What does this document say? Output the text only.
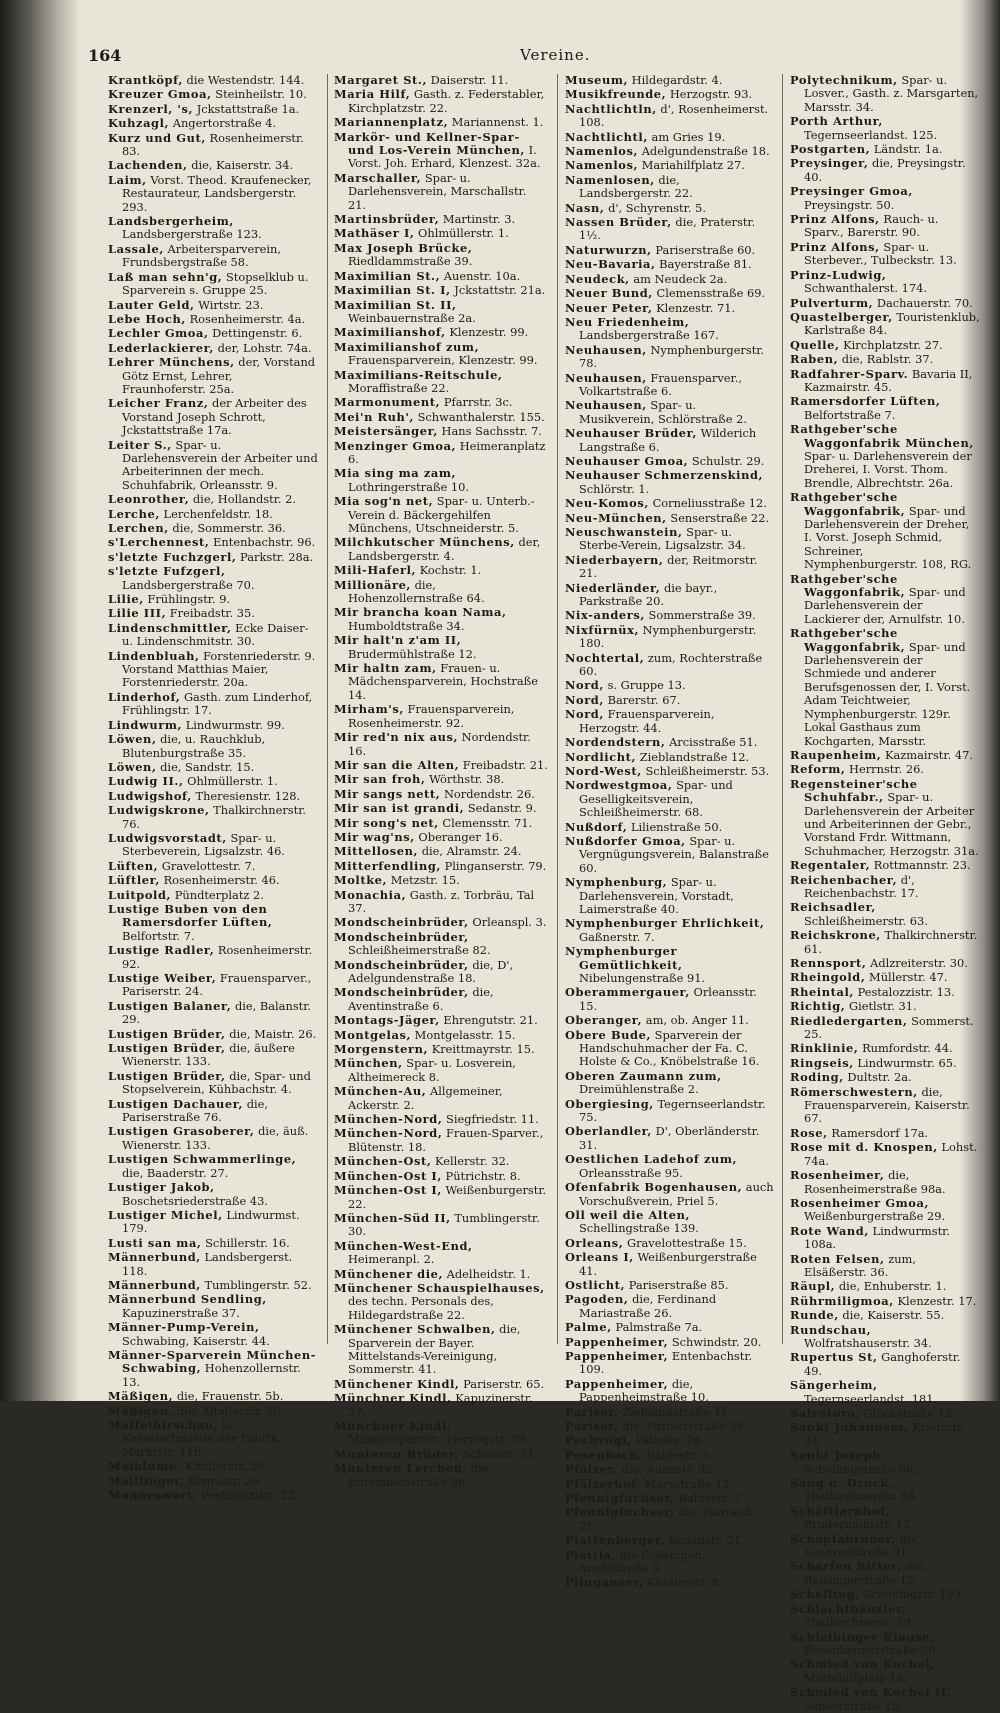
164	Vereine.
Krantköpf, die Westendstr. 144.
Kreuzer Gmoa, Steinheilstr. 10.
Krenzerl, 's, Jckstattstraße 1a.
Kuhzagl, Angertorstraße 4.
Kurz und Gut, Rosenheimerstr. 83.
Lachenden, die, Kaiserstr. 34.
Laim, Vorst. Theod. Kraufenecker, Restaurateur, Landsbergerstr. 293.
Landsbergerheim, Landsbergerstraße 123.
Lassale, Arbeitersparverein, Frundsbergstraße 58.
Laß man sehn'g, Stopselklub u. Sparverein s. Gruppe 25.
Lauter Geld, Wirtstr. 23.
Lebe Hoch, Rosenheimerstr. 4a.
Lechler Gmoa, Dettingenstr. 6.
Lederlackierer, der, Lohstr. 74a.
Lehrer Münchens, der, Vorstand Götz Ernst, Lehrer, Fraunhoferstr. 25a.
Leicher Franz, der Arbeiter des Vorstand Joseph Schrott, Jckstattstraße 17a.
Leiter S., Spar- u. Darlehensverein der Arbeiter und Arbeiterinnen der mech. Schuhfabrik, Orleansstr. 9.
Leonrother, die, Hollandstr. 2.
Lerche, Lerchenfeldstr. 18.
Lerchen, die, Sommerstr. 36.
s'Lerchennest, Entenbachstr. 96.
s'letzte Fuchzgerl, Parkstr. 28a.
s'letzte Fufzgerl, Landsbergerstraße 70.
Lilie, Frühlingstr. 9.
Lilie III, Freibadstr. 35.
Lindenschmittler, Ecke Daiser- u. Lindenschmitstr. 30.
Lindenbluah, Forstenriederstr. 9. Vorstand Matthias Maier, Forstenriederstr. 20a.
Linderhof, Gasth. zum Linderhof, Frühlingstr. 17.
Lindwurm, Lindwurmstr. 99.
Löwen, die, u. Rauchklub, Blutenburgstraße 35.
Löwen, die, Sandstr. 15.
Ludwig II., Ohlmüllerstr. 1.
Ludwigshof, Theresienstr. 128.
Ludwigskrone, Thalkirchnerstr. 76.
Ludwigsvorstadt, Spar- u. Sterbeverein, Ligsalzstr. 46.
Lüften, Gravelottestr. 7.
Lüftler, Rosenheimerstr. 46.
Luitpold, Pündterplatz 2.
Lustige Buben von den Ramersdorfer Lüften, Belfortstr. 7.
Lustige Radler, Rosenheimerstr. 92.
Lustige Weiber, Frauensparver., Pariserstr. 24.
Lustigen Balaner, die, Balanstr. 29.
Lustigen Brüder, die, Maistr. 26.
Lustigen Brüder, die, äußere Wienerstr. 133.
Lustigen Brüder, die, Spar- und Stopselverein, Kühbachstr. 4.
Lustigen Dachauer, die, Pariserstraße 76.
Lustigen Grasoberer, die, äuß. Wienerstr. 133.
Lustigen Schwammerlinge, die, Baaderstr. 27.
Lustiger Jakob, Boschetsriederstraße 43.
Lustiger Michel, Lindwurmst. 179.
Lusti san ma, Schillerstr. 16.
Männerbund, Landsbergerst. 118.
Männerbund, Tumblingerstr. 52.
Männerbund Sendling, Kapuzinerstraße 37.
Männer-Pump-Verein, Schwabing, Kaiserstr. 44.
Männer-Sparverein München-Schwabing, Hohenzollernstr. 13.
Mäßigen, die, Frauenstr. 5b.
Mäßigen, die, Altallerstr. 30.
Maffeihirschau, b. Kesselschmiede der Fabrik, Marktstr. 11b.
Maiblume, Khidlerstr. 26.
Maillinger, Elvirastr. 29.
Manneswort, Pestalozzistr. 22.
Margaret St., Daiserstr. 11.
Maria Hilf, Gasth. z. Federstabler, Kirchplatzstr. 22.
Mariannenplatz, Mariannenst. 1.
Markör- und Kellner-Spar- und Los-Verein München, I. Vorst. Joh. Erhard, Klenzest. 32a.
Marschaller, Spar- u. Darlehensverein, Marschallstr. 21.
Martinsbrüder, Martinstr. 3.
Mathäser I, Ohlmüllerstr. 1.
Max Joseph Brücke, Riedldammstraße 39.
Maximilian St., Auenstr. 10a.
Maximilian St. I, Jckstattstr. 21a.
Maximilian St. II, Weinbauernstraße 2a.
Maximilianshof, Klenzestr. 99.
Maximilianshof zum, Frauensparverein, Klenzestr. 99.
Maximilians-Reitschule, Moraffistraße 22.
Marmonument, Pfarrstr. 3c.
Mei'n Ruh', Schwanthalerstr. 155.
Meistersänger, Hans Sachsstr. 7.
Menzinger Gmoa, Heimeranplatz 6.
Mia sing ma zam, Lothringerstraße 10.
Mia sog'n net, Spar- u. Unterb.-Verein d. Bäckergehilfen Münchens, Utschneiderstr. 5.
Milchkutscher Münchens, der, Landsbergerstr. 4.
Mili-Haferl, Kochstr. 1.
Millionäre, die, Hohenzollernstraße 64.
Mir brancha koan Nama, Humboldtstraße 34.
Mir halt'n z'am II, Brudermühlstraße 12.
Mir haltn zam, Frauen- u. Mädchensparverein, Hochstraße 14.
Mirham's, Frauensparverein, Rosenheimerstr. 92.
Mir red'n nix aus, Nordendstr. 16.
Mir san die Alten, Freibadstr. 21.
Mir san froh, Wörthstr. 38.
Mir sangs nett, Nordendstr. 26.
Mir san ist grandi, Sedanstr. 9.
Mir song's net, Clemensstr. 71.
Mir wag'ns, Oberanger 16.
Mittellosen, die, Alramstr. 24.
Mitterfendling, Plinganserstr. 79.
Moltke, Metzstr. 15.
Monachia, Gasth. z. Torbräu, Tal 37.
Mondscheinbrüder, Orleanspl. 3.
Mondscheinbrüder, Schleißheimerstraße 82.
Mondscheinbrüder, die, D', Adelgundenstraße 18.
Mondscheinbrüder, die, Aventinstraße 6.
Montags-Jäger, Ehrengutstr. 21.
Montgelas, Montgelasstr. 15.
Morgenstern, Kreittmayrstr. 15.
München, Spar- u. Losverein, Altheimereck 8.
München-Au, Allgemeiner, Ackerstr. 2.
München-Nord, Siegfriedstr. 11.
München-Nord, Frauen-Sparver., Blütenstr. 18.
München-Ost, Kellerstr. 32.
München-Ost I, Pütrichstr. 8.
München-Ost I, Weißenburgerstr. 22.
München-Süd II, Tumblingerstr. 30.
München-West-End, Heimeranpl. 2.
Münchener die, Adelheidstr. 1.
Münchener Schauspielhauses, des techn. Personals des, Hildegardstraße 22.
Münchener Schwalben, die, Sparverein der Bayer. Mittelstands-Vereinigung, Sommerstr. 41.
Münchener Kindl, Pariserstr. 65.
Münchner Kindl, Kapuzinerstr. 37.
Münchner Kindl, Männersparver., Herzogstr. 39.
Munteren Brüder, Schönstr. 21.
Munteren Lerchen, die, Entenbachstraße 96.
Museum, Hildegardstr. 4.
Musikfreunde, Herzogstr. 93.
Nachtlichtln, d', Rosenheimerst. 108.
Nachtlichtl, am Gries 19.
Namenlos, Adelgundenstraße 18.
Namenlos, Mariahilfplatz 27.
Namenlosen, die, Landsbergerstr. 22.
Nasn, d', Schyrenstr. 5.
Nassen Brüder, die, Praterstr. 1½.
Naturwurzn, Pariserstraße 60.
Neu-Bavaria, Bayerstraße 81.
Neudeck, am Neudeck 2a.
Neuer Bund, Clemensstraße 69.
Neuer Peter, Klenzestr. 71.
Neu Friedenheim, Landsbergerstraße 167.
Neuhausen, Nymphenburgerstr. 78.
Neuhausen, Frauensparver., Volkartstraße 6.
Neuhausen, Spar- u. Musikverein, Schlörstraße 2.
Neuhauser Brüder, Wilderich Langstraße 6.
Neuhauser Gmoa, Schulstr. 29.
Neuhauser Schmerzenskind, Schlörstr. 1.
Neu-Komos, Corneliusstraße 12.
Neu-München, Senserstraße 22.
Neuschwanstein, Spar- u. Sterbe-Verein, Ligsalzstr. 34.
Niederbayern, der, Reitmorstr. 21.
Niederländer, die bayr., Parkstraße 20.
Nix-anders, Sommerstraße 39.
Nixfürnüx, Nymphenburgerstr. 180.
Nochtertal, zum, Rochterstraße 60.
Nord, s. Gruppe 13.
Nord, Barerstr. 67.
Nord, Frauensparverein, Herzogstr. 44.
Nordendstern, Arcisstraße 51.
Nordlicht, Zieblandstraße 12.
Nord-West, Schleißheimerstr. 53.
Nordwestgmoa, Spar- und Geselligkeitsverein, Schleißheimerstr. 68.
Nußdorf, Lilienstraße 50.
Nußdorfer Gmoa, Spar- u. Vergnügungsverein, Balanstraße 60.
Nymphenburg, Spar- u. Darlehensverein, Vorstadt, Laimerstraße 40.
Nymphenburger Ehrlichkeit, Gaßnerstr. 7.
Nymphenburger Gemütlichkeit, Nibelungenstraße 91.
Oberammergauer, Orleansstr. 15.
Oberanger, am, ob. Anger 11.
Obere Bude, Sparverein der Handschuhmacher der Fa. C. Holste & Co., Knöbelstraße 16.
Oberen Zaumann zum, Dreimühlenstraße 2.
Obergiesing, Tegernseerlandstr. 75.
Oberlandler, D', Oberländerstr. 31.
Oestlichen Ladehof zum, Orleansstraße 95.
Ofenfabrik Bogenhausen, auch Vorschußverein, Priel 5.
Oll weil die Alten, Schellingstraße 139.
Orleans, Gravelottestraße 15.
Orleans I, Weißenburgerstraße 41.
Ostlicht, Pariserstraße 85.
Pagoden, die, Ferdinand Mariastraße 26.
Palme, Palmstraße 7a.
Pappenheimer, Schwindstr. 20.
Pappenheimer, Entenbachstr. 109.
Pappenheimer, die, Pappenheimstraße 10.
Pariser, Zieblandstraße 41.
Pariser, die, Pariserstraße 38.
Pechvögl, Palmstr. 7d.
Pesenbach, Baldestr. 3.
Pfälzer, die, Auenstr. 82.
Pfälzerhof, Marsstraße 12.
Pfennigfuchser, Baldestr. 7.
Pfennigfuchser, die, Jsartalst. 21.
Plattenberger, Sedanstr. 21.
Plattla, die Gräabigen, Arndtstraße 9.
Plinganser, Khidlerstr. 8.
Polytechnikum, Spar- u. Losver., Gasth. z. Marsgarten, Marsstr. 34.
Porth Arthur, Tegernseerlandst. 125.
Postgarten, Ländstr. 1a.
Preysinger, die, Preysingstr. 40.
Preysinger Gmoa, Preysingstr. 50.
Prinz Alfons, Rauch- u. Sparv., Barerstr. 90.
Prinz Alfons, Spar- u. Sterbever., Tulbeckstr. 13.
Prinz-Ludwig, Schwanthalerst. 174.
Pulverturm, Dachauerstr. 70.
Quastelberger, Touristenklub, Karlstraße 84.
Quelle, Kirchplatzstr. 27.
Raben, die, Rablstr. 37.
Radfahrer-Sparv. Bavaria II, Kazmairstr. 45.
Ramersdorfer Lüften, Belfortstraße 7.
Rathgeber'sche Waggonfabrik München, Spar- u. Darlehensverein der Dreherei, I. Vorst. Thom. Brendle, Albrechtstr. 26a.
Rathgeber'sche Waggonfabrik, Spar- und Darlehensverein der Dreher, I. Vorst. Joseph Schmid, Schreiner, Nymphenburgerstr. 108, RG.
Rathgeber'sche Waggonfabrik, Spar- und Darlehensverein der Lackierer der, Arnulfstr. 10.
Rathgeber'sche Waggonfabrik, Spar- und Darlehensverein der Schmiede und anderer Berufsgenossen der, I. Vorst. Adam Teichtweier, Nymphenburgerstr. 129r. Lokal Gasthaus zum Kochgarten, Marsstr.
Raupenheim, Kazmairstr. 47.
Reform, Herrnstr. 26.
Regensteiner'sche Schuhfabr., Spar- u. Darlehensverein der Arbeiter und Arbeiterinnen der Gebr., Vorstand Frdr. Wittmann, Schuhmacher, Herzogstr. 31a.
Regentaler, Rottmannstr. 23.
Reichenbacher, d', Reichenbachstr. 17.
Reichsadler, Schleißheimerstr. 63.
Reichskrone, Thalkirchnerstr. 61.
Rennsport, Adlzreiterstr. 30.
Rheingold, Müllerstr. 47.
Rheintal, Pestalozzistr. 13.
Richtig, Gietlstr. 31.
Riedledergarten, Sommerst. 25.
Rinklinie, Rumfordstr. 44.
Ringseis, Lindwurmstr. 65.
Roding, Dultstr. 2a.
Römerschwestern, die, Frauensparverein, Kaiserstr. 67.
Rose, Ramersdorf 17a.
Rose mit d. Knospen, Lohst. 74a.
Rosenheimer, die, Rosenheimerstraße 98a.
Rosenheimer Gmoa, Weißenburgerstraße 29.
Rote Wand, Lindwurmstr. 108a.
Roten Felsen, zum, Elsäßerstr. 36.
Räupl, die, Enhuberstr. 1.
Rührmiligmoa, Klenzestr. 17.
Runde, die, Kaiserstr. 55.
Rundschau, Wolfratshauserstr. 34.
Rupertus St, Ganghoferstr. 49.
Sängerheim, Tegernseerlandst. 181.
Salvatora, Glückstraße 12.
Sankt Johannser, Kreuzstr. 34.
Sankt Joseph, Schellingstraße 68.
Saug u. Druck, Thalkirchnerstr. 84.
Schäftlarnhof, Brudermühlstr. 13.
Schapfabrüder, die, Leonrodstraße 91.
Scharfen Ritter, die, Reisingerstraße 12.
Schelling, Schellingstr. 103.
Schlachthäusler, Thalkirchnerst. 59.
Schleibinger Klause, Rosenheimerstraße 50.
Schmied von Kochel, Mariahilfplatz 1a.
Schmied von Kochel II, Senserstraße 15.
